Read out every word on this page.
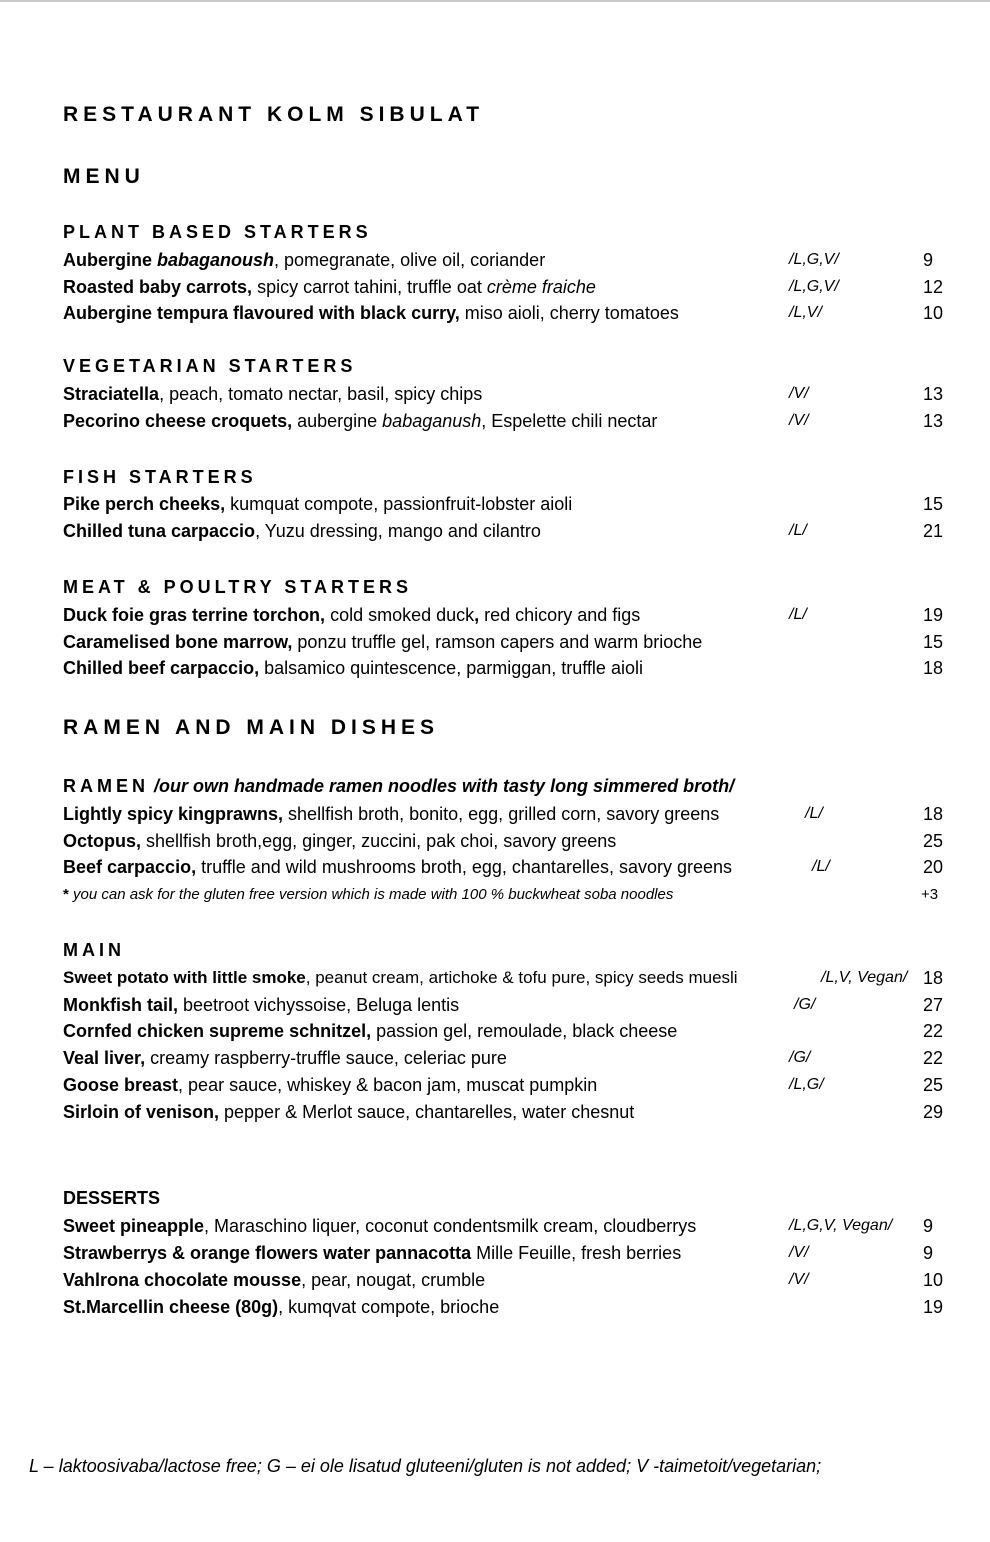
RESTAURANT KOLM SIBULAT
MENU
PLANT BASED STARTERS
Aubergine babaganoush, pomegranate, olive oil, coriander	/L,G,V/	9
Roasted baby carrots, spicy carrot tahini, truffle oat crème fraiche	/L,G,V/	12
Aubergine tempura flavoured with black curry, miso aioli, cherry tomatoes	/L,V/	10
VEGETARIAN STARTERS
Straciatella, peach, tomato nectar, basil, spicy chips	/V/	13
Pecorino cheese croquets, aubergine babaganush, Espelette chili nectar	/V/	13
FISH STARTERS
Pike perch cheeks, kumquat compote, passionfruit-lobster aioli	15
Chilled tuna carpaccio, Yuzu dressing, mango and cilantro	/L/	21
MEAT & POULTRY STARTERS
Duck foie gras terrine torchon, cold smoked duck, red chicory and figs	/L/	19
Caramelised bone marrow, ponzu truffle gel, ramson capers and warm brioche	15
Chilled beef carpaccio, balsamico quintescence, parmiggan, truffle aioli	18
RAMEN AND MAIN DISHES
RAMEN /our own handmade ramen noodles with tasty long simmered broth/
Lightly spicy kingprawns, shellfish broth, bonito, egg, grilled corn, savory greens	/L/	18
Octopus, shellfish broth,egg, ginger, zuccini, pak choi, savory greens	25
Beef carpaccio, truffle and wild mushrooms broth, egg, chantarelles, savory greens	/L/	20
* you can ask for the gluten free version which is made with 100 % buckwheat soba noodles	+3
MAIN
Sweet potato with little smoke, peanut cream, artichoke & tofu pure, spicy seeds muesli	/L,V, Vegan/ 18
Monkfish tail, beetroot vichyssoise, Beluga lentis	/G/	27
Cornfed chicken supreme schnitzel, passion gel, remoulade, black cheese	22
Veal liver, creamy raspberry-truffle sauce, celeriac pure	/G/	22
Goose breast, pear sauce, whiskey & bacon jam, muscat pumpkin	/L,G/	25
Sirloin of venison, pepper & Merlot sauce, chantarelles, water chesnut	29
DESSERTS
Sweet pineapple, Maraschino liquer, coconut condentsmilk cream, cloudberrys	/L,G,V, Vegan/ 9
Strawberrys & orange flowers water pannacotta Mille Feuille, fresh berries	/V/	9
Vahlrona chocolate mousse, pear, nougat, crumble	/V/	10
St.Marcellin cheese (80g), kumqvat compote, brioche	19
L – laktoosivaba/lactose free; G – ei ole lisatud gluteeni/gluten is not added; V -taimetoit/vegetarian;
